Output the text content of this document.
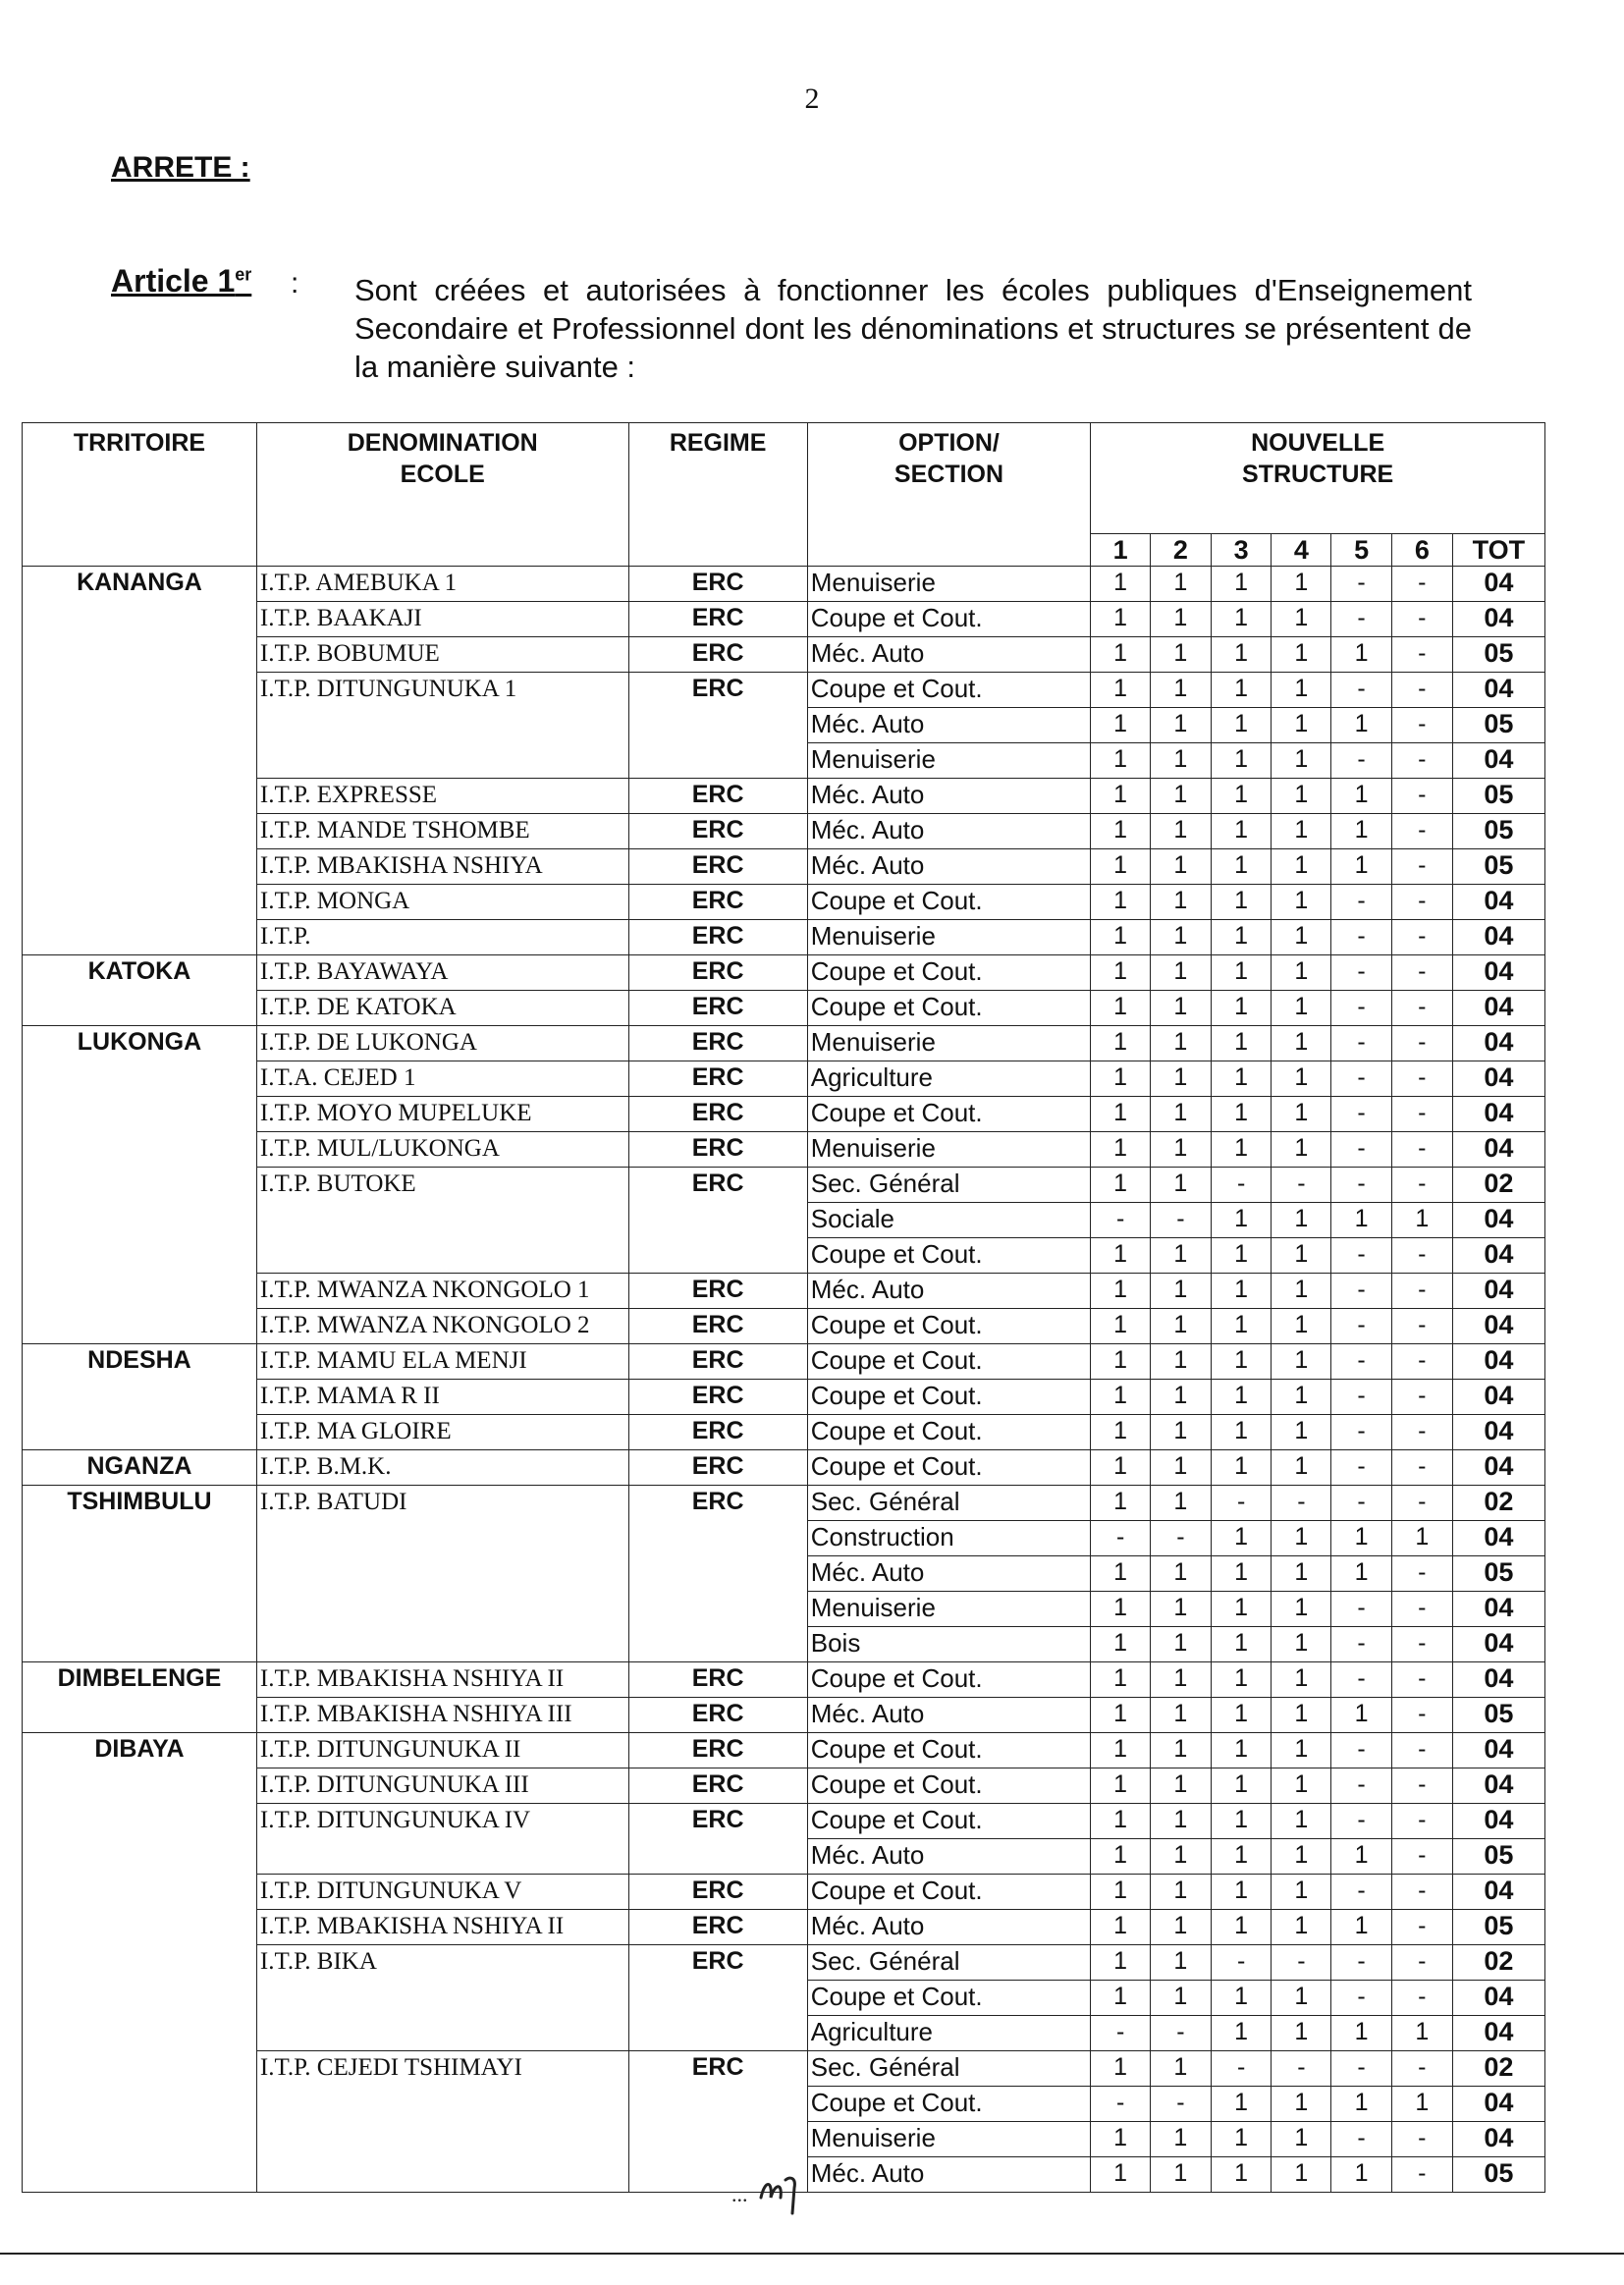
2
ARRETE :
Article 1er : Sont créées et autorisées à fonctionner les écoles publiques d'Enseignement Secondaire et Professionnel dont les dénominations et structures se présentent de la manière suivante :
TRRITOIRE	DENOMINATION ECOLE	REGIME	OPTION/ SECTION	NOUVELLE STRUCTURE						
				1	2	3	4	5	6	TOT
KANANGA	I.T.P. AMEBUKA 1	ERC	Menuiserie	1	1	1	1	-	-	04
	I.T.P. BAAKAJI	ERC	Coupe et Cout.	1	1	1	1	-	-	04
	I.T.P. BOBUMUE	ERC	Méc. Auto	1	1	1	1	1	-	05
	I.T.P. DITUNGUNUKA 1	ERC	Coupe et Cout.	1	1	1	1	-	-	04
			Méc. Auto	1	1	1	1	1	-	05
			Menuiserie	1	1	1	1	-	-	04
	I.T.P. EXPRESSE	ERC	Méc. Auto	1	1	1	1	1	-	05
	I.T.P. MANDE TSHOMBE	ERC	Méc. Auto	1	1	1	1	1	-	05
	I.T.P. MBAKISHA NSHIYA	ERC	Méc. Auto	1	1	1	1	1	-	05
	I.T.P. MONGA	ERC	Coupe et Cout.	1	1	1	1	-	-	04
	I.T.P.	ERC	Menuiserie	1	1	1	1	-	-	04
KATOKA	I.T.P. BAYAWAYA	ERC	Coupe et Cout.	1	1	1	1	-	-	04
	I.T.P. DE KATOKA	ERC	Coupe et Cout.	1	1	1	1	-	-	04
LUKONGA	I.T.P. DE LUKONGA	ERC	Menuiserie	1	1	1	1	-	-	04
	I.T.A. CEJED 1	ERC	Agriculture	1	1	1	1	-	-	04
	I.T.P. MOYO MUPELUKE	ERC	Coupe et Cout.	1	1	1	1	-	-	04
	I.T.P. MUL/LUKONGA	ERC	Menuiserie	1	1	1	1	-	-	04
	I.T.P. BUTOKE	ERC	Sec. Général	1	1	-	-	-	-	02
			Sociale	-	-	1	1	1	1	04
			Coupe et Cout.	1	1	1	1	-	-	04
	I.T.P. MWANZA NKONGOLO 1	ERC	Méc. Auto	1	1	1	1	-	-	04
	I.T.P. MWANZA NKONGOLO 2	ERC	Coupe et Cout.	1	1	1	1	-	-	04
NDESHA	I.T.P. MAMU ELA MENJI	ERC	Coupe et Cout.	1	1	1	1	-	-	04
	I.T.P. MAMA R II	ERC	Coupe et Cout.	1	1	1	1	-	-	04
	I.T.P. MA GLOIRE	ERC	Coupe et Cout.	1	1	1	1	-	-	04
NGANZA	I.T.P. B.M.K.	ERC	Coupe et Cout.	1	1	1	1	-	-	04
TSHIMBULU	I.T.P. BATUDI	ERC	Sec. Général	1	1	-	-	-	-	02
			Construction	-	-	1	1	1	1	04
			Méc. Auto	1	1	1	1	1	-	05
			Menuiserie	1	1	1	1	-	-	04
			Bois	1	1	1	1	-	-	04
DIMBELENGE	I.T.P. MBAKISHA NSHIYA II	ERC	Coupe et Cout.	1	1	1	1	-	-	04
	I.T.P. MBAKISHA NSHIYA III	ERC	Méc. Auto	1	1	1	1	1	-	05
DIBAYA	I.T.P. DITUNGUNUKA II	ERC	Coupe et Cout.	1	1	1	1	-	-	04
	I.T.P. DITUNGUNUKA III	ERC	Coupe et Cout.	1	1	1	1	-	-	04
	I.T.P. DITUNGUNUKA IV	ERC	Coupe et Cout.	1	1	1	1	-	-	04
			Méc. Auto	1	1	1	1	1	-	05
	I.T.P. DITUNGUNUKA V	ERC	Coupe et Cout.	1	1	1	1	-	-	04
	I.T.P. MBAKISHA NSHIYA II	ERC	Méc. Auto	1	1	1	1	1	-	05
	I.T.P. BIKA	ERC	Sec. Général	1	1	-	-	-	-	02
			Coupe et Cout.	1	1	1	1	-	-	04
			Agriculture	-	-	1	1	1	1	04
	I.T.P. CEJEDI TSHIMAYI	ERC	Sec. Général	1	1	-	-	-	-	02
			Coupe et Cout.	-	-	1	1	1	1	04
			Menuiserie	1	1	1	1	-	-	04
			Méc. Auto	1	1	1	1	1	-	05
...
